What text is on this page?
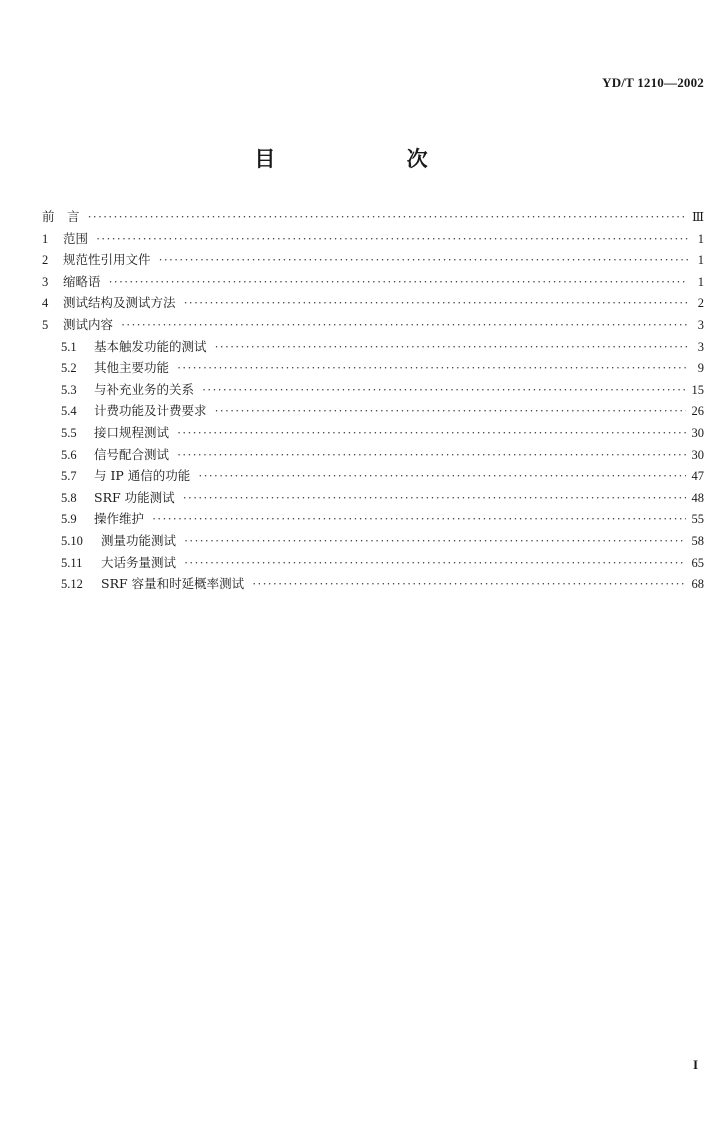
YD/T 1210—2002
目 次
前　言 ·····	Ⅲ
1	范围 ·····	1
2	规范性引用文件 ·····	1
3	缩略语 ·····	1
4	测试结构及测试方法 ·····	2
5	测试内容 ·····	3
5.1	基本触发功能的测试 ·····	3
5.2	其他主要功能 ·····	9
5.3	与补充业务的关系 ·····	15
5.4	计费功能及计费要求 ·····	26
5.5	接口规程测试 ·····	30
5.6	信号配合测试 ·····	30
5.7	与 IP 通信的功能 ·····	47
5.8	SRF 功能测试 ·····	48
5.9	操作维护 ·····	55
5.10	测量功能测试 ·····	58
5.11	大话务量测试 ·····	65
5.12	SRF 容量和时延概率测试 ·····	68
I
